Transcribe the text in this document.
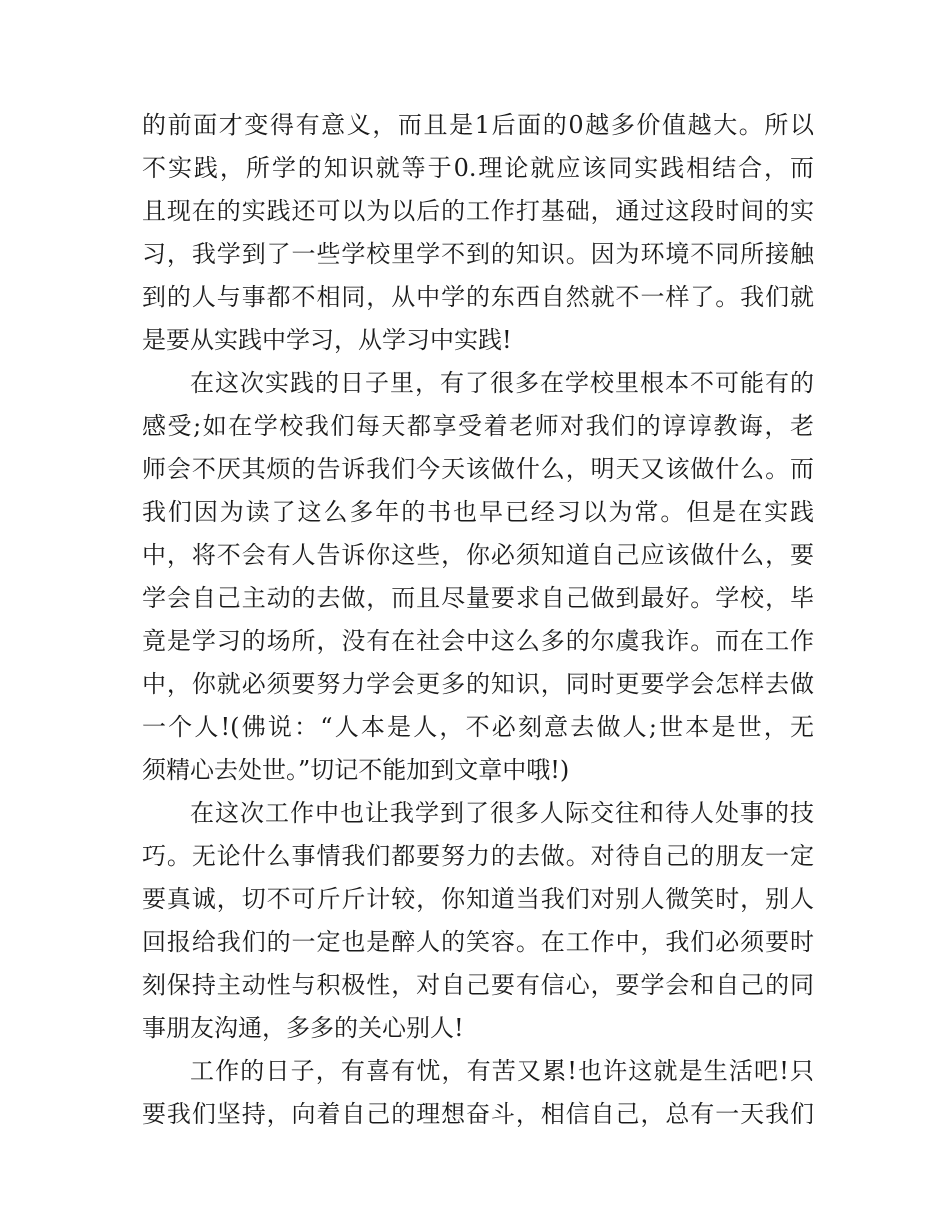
的前面才变得有意义，而且是1后面的0越多价值越大。所以
不实践，所学的知识就等于0.理论就应该同实践相结合，而
且现在的实践还可以为以后的工作打基础，通过这段时间的实
习，我学到了一些学校里学不到的知识。因为环境不同所接触
到的人与事都不相同，从中学的东西自然就不一样了。我们就
是要从实践中学习，从学习中实践!
在这次实践的日子里，有了很多在学校里根本不可能有的
感受;如在学校我们每天都享受着老师对我们的谆谆教诲，老
师会不厌其烦的告诉我们今天该做什么，明天又该做什么。而
我们因为读了这么多年的书也早已经习以为常。但是在实践
中，将不会有人告诉你这些，你必须知道自己应该做什么，要
学会自己主动的去做，而且尽量要求自己做到最好。学校，毕
竟是学习的场所，没有在社会中这么多的尔虞我诈。而在工作
中，你就必须要努力学会更多的知识，同时更要学会怎样去做
一个人!(佛说：“人本是人，不必刻意去做人;世本是世，无
须精心去处世。”切记不能加到文章中哦!)
在这次工作中也让我学到了很多人际交往和待人处事的技
巧。无论什么事情我们都要努力的去做。对待自己的朋友一定
要真诚，切不可斤斤计较，你知道当我们对别人微笑时，别人
回报给我们的一定也是醉人的笑容。在工作中，我们必须要时
刻保持主动性与积极性，对自己要有信心，要学会和自己的同
事朋友沟通，多多的关心别人!
工作的日子，有喜有忧，有苦又累!也许这就是生活吧!只
要我们坚持，向着自己的理想奋斗，相信自己，总有一天我们
